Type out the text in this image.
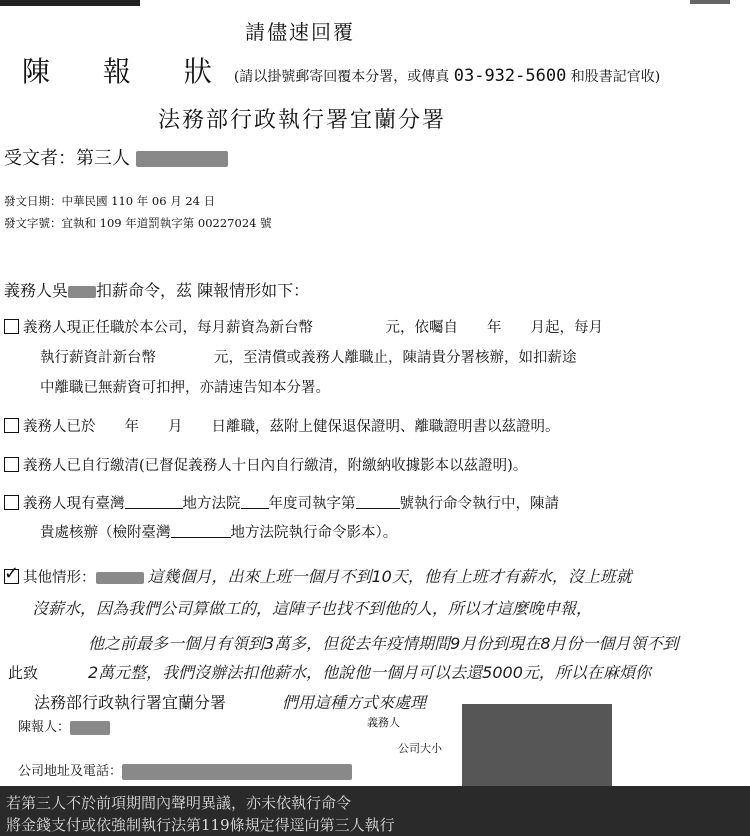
請儘速回覆
陳 報 狀(請以掛號郵寄回覆本分署，或傳真 03-932-5600 和股書記官收)
法務部行政執行署宜蘭分署
受文者：第三人
發文日期：中華民國 110 年 06 月 24 日
發文字號：宜執和 109 年道罰執字第 00227024 號
義務人吳 扣薪命令，茲 陳報情形如下：
義務人現正任職於本公司，每月薪資為新台幣　　　　　元，依囑自　　年　　月起，每月
執行薪資計新台幣　　　　元，至清償或義務人離職止，陳請貴分署核辦，如扣薪途
中離職已無薪資可扣押，亦請速告知本分署。
義務人已於　　年　　月　　日離職，茲附上健保退保證明、離職證明書以茲證明。
義務人已自行繳清(已督促義務人十日內自行繳清，附繳納收據影本以茲證明)。
義務人現有臺灣	地方法院 年度司執字第	號執行命令執行中，陳請
貴處核辦（檢附臺灣	地方法院執行命令影本）。
✓其他情形：	這幾個月，出來上班一個月不到10天，他有上班才有薪水，沒上班就
沒薪水，因為我們公司算做工的，這陣子也找不到他的人，所以才這麼晚申報，
他之前最多一個月有領到3萬多，但從去年疫情期間9月份到現在8月份一個月領不到
此致	2萬元整，我們沒辦法扣他薪水，他說他一個月可以去還5000元，所以在麻煩你
法務部行政執行署宜蘭分署	們用這種方式來處理
陳報人：	義務人
公司地址及電話：
公司大小
若第三人不於前項期間內聲明異議，亦未依執行命令
將金錢支付或依強制執行法第119條規定得逕向第三人執行
